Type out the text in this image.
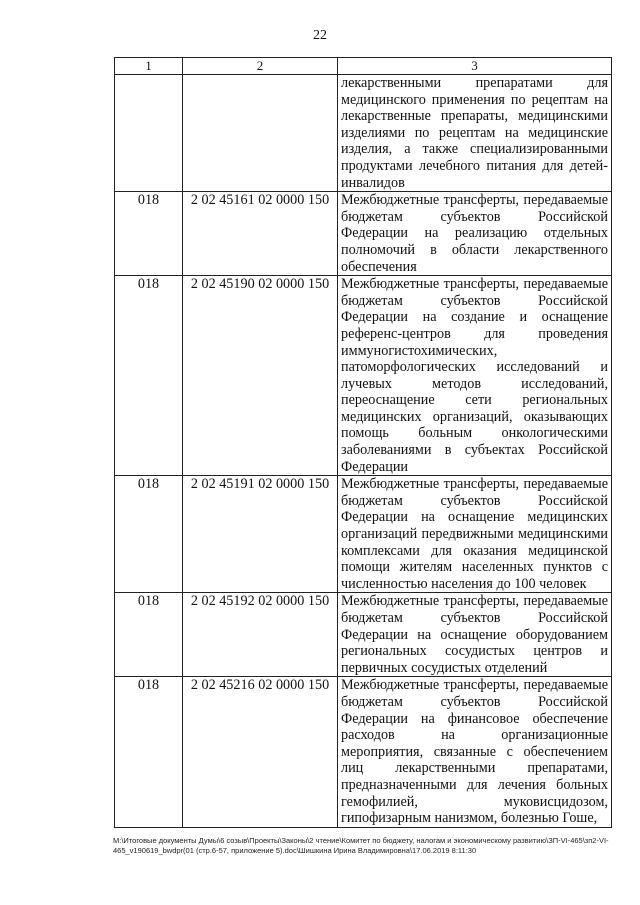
22
1	2	3
		лекарственными препаратами для медицинского применения по рецептам на лекарственные препараты, медицинскими изделиями по рецептам на медицинские изделия, а также специализированными продуктами лечебного питания для детей-инвалидов
018	2 02 45161 02 0000 150	Межбюджетные трансферты, передаваемые бюджетам субъектов Российской Федерации на реализацию отдельных полномочий в области лекарственного обеспечения
018	2 02 45190 02 0000 150	Межбюджетные трансферты, передаваемые бюджетам субъектов Российской Федерации на создание и оснащение референс-центров для проведения иммуногистохимических, патоморфологических исследований и лучевых методов исследований, переоснащение сети региональных медицинских организаций, оказывающих помощь больным онкологическими заболеваниями в субъектах Российской Федерации
018	2 02 45191 02 0000 150	Межбюджетные трансферты, передаваемые бюджетам субъектов Российской Федерации на оснащение медицинских организаций передвижными медицинскими комплексами для оказания медицинской помощи жителям населенных пунктов с численностью населения до 100 человек
018	2 02 45192 02 0000 150	Межбюджетные трансферты, передаваемые бюджетам субъектов Российской Федерации на оснащение оборудованием региональных сосудистых центров и первичных сосудистых отделений
018	2 02 45216 02 0000 150	Межбюджетные трансферты, передаваемые бюджетам субъектов Российской Федерации на финансовое обеспечение расходов на организационные мероприятия, связанные с обеспечением лиц лекарственными препаратами, предназначенными для лечения больных гемофилией, муковисцидозом, гипофизарным нанизмом, болезнью Гоше,
M:\Итоговые документы Думы\6 созыв\Проекты\Законы\2 чтение\Комитет по бюджету, налогам и экономическому развитию\ЗП-VI-465\зп2-VI-465_v190619_bwdpr(01 (стр.6-57, приложение 5).doc\Шишкина Ирина Владимировна\17.06.2019 8:11:30
